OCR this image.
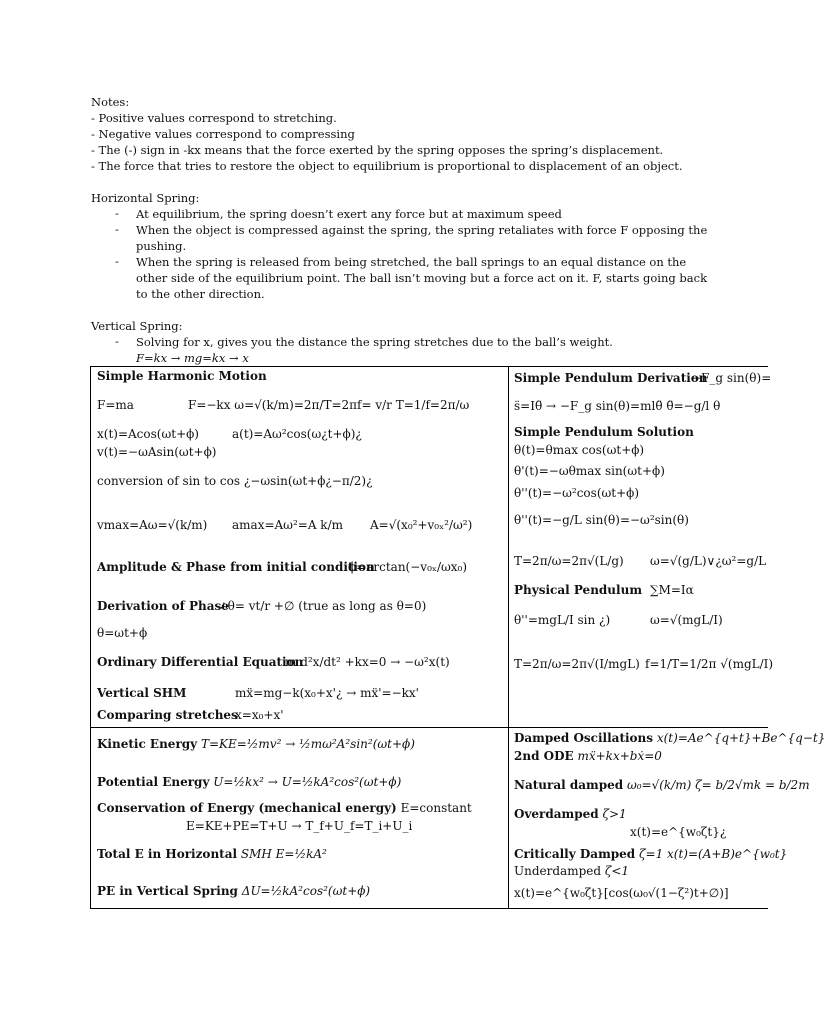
Notes:
- Positive values correspond to stretching.
- Negative values correspond to compressing
- The (-) sign in -kx means that the force exerted by the spring opposes the spring’s displacement.
- The force that tries to restore the object to equilibrium is proportional to displacement of an object.
Horizontal Spring:
- At equilibrium, the spring doesn’t exert any force but at maximum speed
- When the object is compressed against the spring, the spring retaliates with force F opposing the
pushing.
- When the spring is released from being stretched, the ball springs to an equal distance on the
other side of the equilibrium point. The ball isn’t moving but a force act on it. F, starts going back
to the other direction.
Vertical Spring:
- Solving for x, gives you the distance the spring stretches due to the ball’s weight.
F=kx → mg=kx → x
Simple Harmonic Motion
F=ma	F=−kx ω=√(k/m)=2π/T=2πf= v/r T=1/f=2π/ω
x(t)=Acos(ωt+ϕ)	a(t)=Aω²cos(ω¿t+ϕ)¿
v(t)=−ωAsin(ωt+ϕ)
conversion of sin to cos ¿−ωsin(ωt+ϕ¿−π/2)¿
vmax=Aω=√(k/m) amax=Aω²=A k/m A=√(x₀²+v₀ₓ²/ω²)
Amplitude & Phase from initial condition
ϕ=arctan(−v₀ₓ/ωx₀)
Derivation of Phase
∴θ= vt/r +∅ (true as long as θ=0)
θ=ωt+ϕ
Ordinary Differential Equation
m d²x/dt² +kx=0 → −ω²x(t)
Vertical SHM	mẍ=mg−k(x₀+x'¿ → mẍ'=−kx'
Comparing stretches
x=x₀+x'
Simple Pendulum Derivation
−F_g sin(θ)=
s̈=Iθ̈ → −F_g sin(θ)=mlθ̈ θ̈=−g/l θ
Simple Pendulum Solution
θ(t)=θmax cos(ωt+ϕ)
θ'(t)=−ωθmax sin(ωt+ϕ)
θ''(t)=−ω²cos(ωt+ϕ)
θ''(t)=−g/L sin(θ)=−ω²sin(θ)
T=2π/ω=2π√(L/g) ω=√(g/L)∨¿ω²=g/L
Physical Pendulum ∑M=Iα
θ''=mgL/I sin ¿)	ω=√(mgL/I)
T=2π/ω=2π√(I/mgL) f=1/T=1/2π √(mgL/I)
Kinetic Energy T=KE=½mv² → ½mω²A²sin²(ωt+ϕ)
Potential Energy U=½kx² → U=½kA²cos²(ωt+ϕ)
Conservation of Energy (mechanical energy) E=constant
E=KE+PE=T+U → T_f+U_f=T_i+U_i
Total E in Horizontal SMH E=½kA²
PE in Vertical Spring ΔU=½kA²cos²(ωt+ϕ)
Damped Oscillations x(t)=Ae^{q+t}+Be^{q−t}
2nd ODE mẍ+kx+bẋ=0
Natural damped ω₀=√(k/m) ζ= b/2√mk = b/2m
Overdamped ζ>1
x(t)=e^{w₀ζt}¿
Critically Damped ζ=1 x(t)=(A+B)e^{w₀t}
Underdamped ζ<1
x(t)=e^{w₀ζt}[cos(ω₀√(1−ζ²)t+∅)]
